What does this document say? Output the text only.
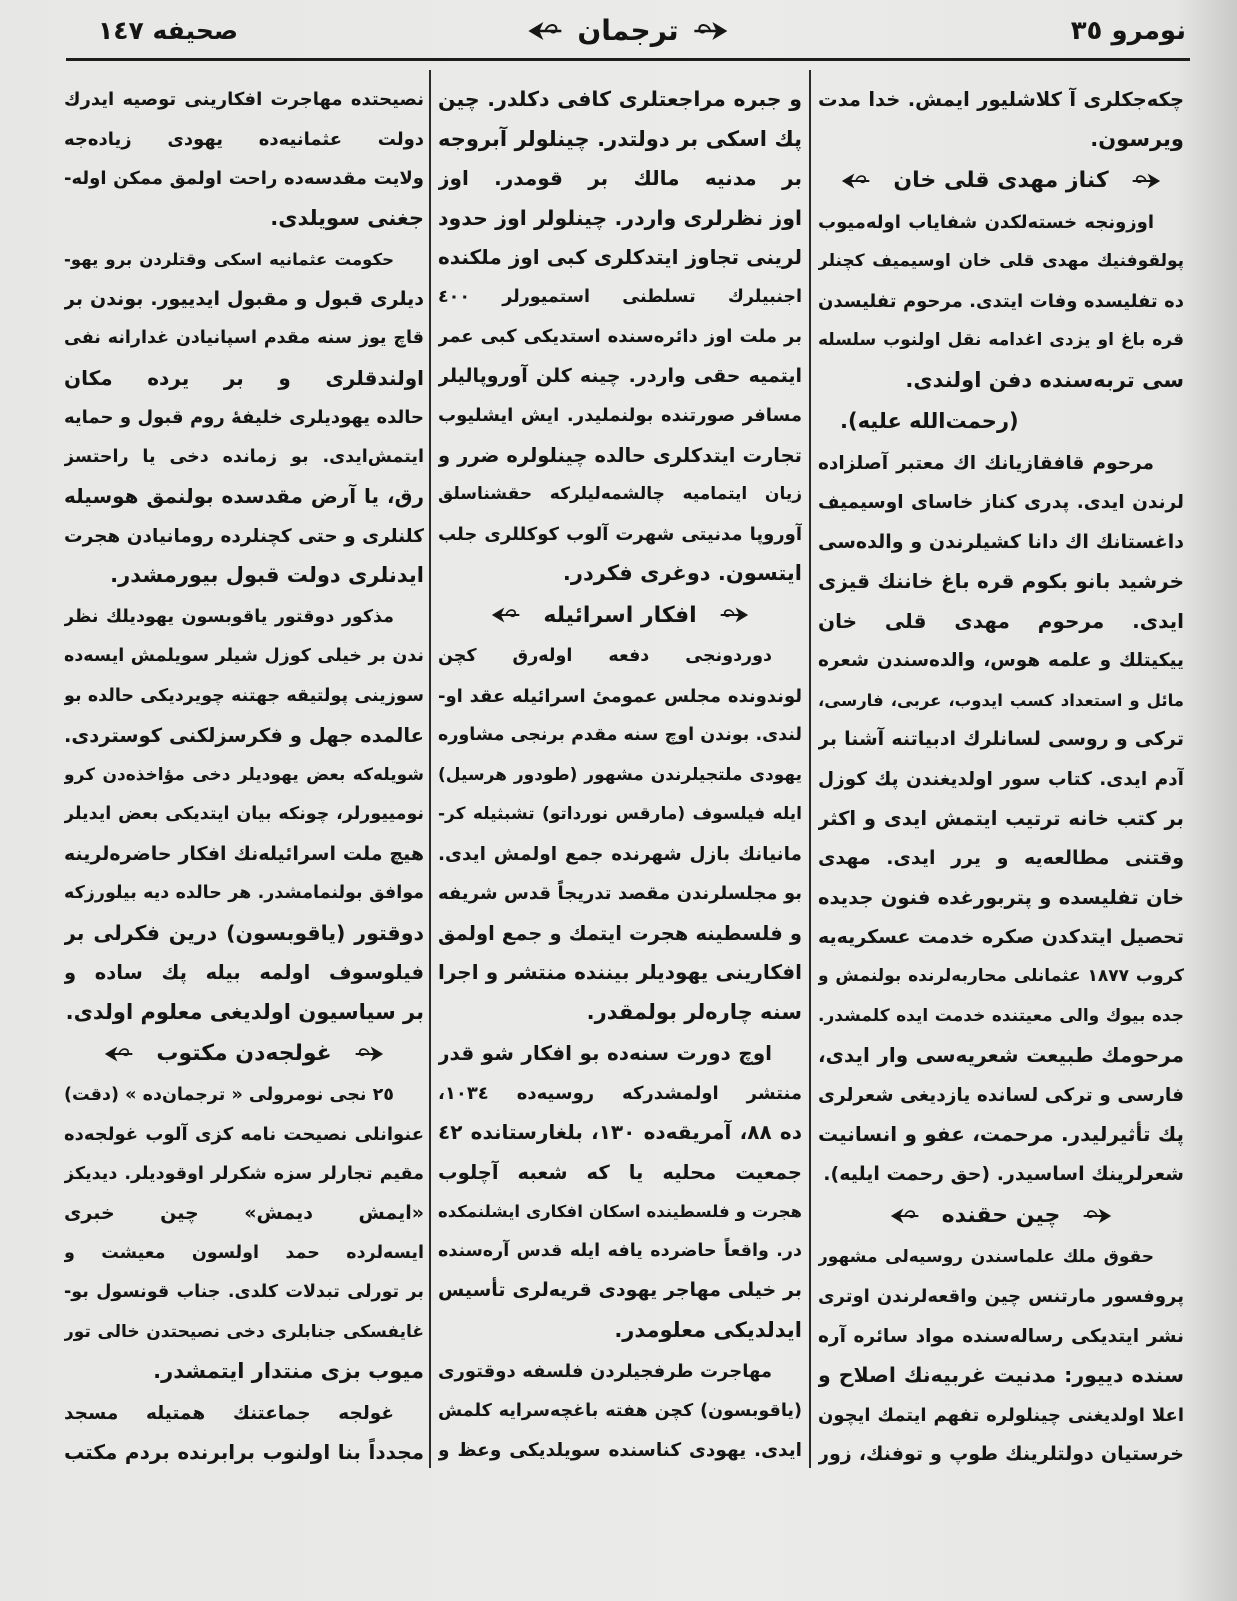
صحیفه ١٤٧	ترجمان	نومرو ٣٥
چکه‌جکلری آ کلاشلیور ایمش. خدا مدت
ویرسون.
کناز مهدی قلی خان
اوزونجه خسته‌لکدن شفایاب اوله‌میوب
پولقوفنیك مهدی قلی خان اوسیمیف کچنلر
ده تفلیسده وفات ایتدی. مرحوم تفلیسدن
قره باغ او یزدی اغدامه نقل اولنوب سلسله
سی تربه‌سنده دفن اولندی.
(رحمت‌الله علیه).
مرحوم قافقازیانك اك معتبر آصلزاده
لرندن ایدی. پدری کناز خاسای اوسیمیف
داغستانك اك دانا کشیلرندن و والده‌سی
خرشید بانو بکوم قره باغ خاننك قیزی
ایدی. مرحوم مهدی قلی خان
ییکیتلك و علمه هوس، والده‌سندن شعره
مائل و استعداد کسب ایدوب، عربی، فارسی،
ترکی و روسی لسانلرك ادبیاتنه آشنا بر
آدم ایدی. کتاب سور اولدیغندن پك کوزل
بر کتب خانه ترتیب ایتمش ایدی و اکثر
وقتنی مطالعه‌یه و یرر ایدی. مهدی
خان تفلیسده و پتربورغده فنون جدیده
تحصیل ایتدکدن صکره خدمت عسکریه‌یه
کروب ١٨٧٧ عثمانلی محاربه‌لرنده بولنمش و
جده بیوك والی معیتنده خدمت ایده کلمشدر.
مرحومك طبیعت شعریه‌سی وار ایدی،
فارسی و ترکی لسانده یازدیغی شعرلری
پك تأثیرلیدر. مرحمت، عفو و انسانیت
شعرلرینك اساسیدر. (حق رحمت ایلیه).
چین حقنده
حقوق ملك علماسندن روسیه‌لی مشهور
پروفسور مارتنس چین واقعه‌لرندن اوتری
نشر ایتدیکی رساله‌سنده مواد سائره آره
سنده دییور: مدنیت غربیه‌نك اصلاح و
اعلا اولدیغنی چینلولره تفهم ایتمك ایچون
خرستیان دولتلرینك طوپ و توفنك، زور
و جبره مراجعتلری کافی دکلدر. چین
پك اسکی بر دولتدر. چینلولر آبروجه
بر مدنیه مالك بر قومدر. اوز
اوز نظرلری واردر. چینلولر اوز حدود
لرینی تجاوز ایتدکلری کبی اوز ملکنده
اجنبیلرك تسلطنی استمیورلر ٤٠٠
بر ملت اوز دائره‌سنده استدیکی کبی عمر
ایتمیه حقی واردر. چینه کلن آوروپالیلر
مسافر صورتنده بولنملیدر. ایش ایشلیوب
تجارت ایتدکلری حالده چینلولره ضرر و
زیان ایتمامیه چالشمه‌لیلرکه حقشناسلق
آوروپا مدنیتی شهرت آلوب کوکللری جلب
ایتسون. دوغری فکردر.
افکار اسرائیله
دوردونجی دفعه اوله‌رق کچن
لوندونده مجلس عمومیٔ اسرائیله عقد او-
لندی. بوندن اوچ سنه مقدم برنجی مشاوره
یهودی ملتجیلرندن مشهور (طودور هرسیل)
ایله فیلسوف (مارقس نورداتو) تشبثیله کر-
مانیانك بازل شهرنده جمع اولمش ایدی.
بو مجلسلرندن مقصد تدریجاً قدس شریفه
و فلسطینه هجرت ایتمك و جمع اولمق
افکارینی یهودیلر بیننده منتشر و اجرا
سنه چاره‌لر بولمقدر.
اوچ دورت سنه‌ده بو افکار شو قدر
منتشر اولمشدرکه روسیه‌ده ١٠٣٤،
ده ٨٨، آمریقه‌ده ١٣٠، بلغارستانده ٤٢
جمعیت محلیه یا که شعبه آچلوب
هجرت و فلسطینده اسکان افکاری ایشلنمکده
در. واقعاً حاضرده یافه ایله قدس آره‌سنده
بر خیلی مهاجر یهودی قریه‌لری تأسیس
ایدلدیکی معلومدر.
مهاجرت طرفجیلردن فلسفه دوقتوری
(یاقوبسون) کچن هفته باغچه‌سرایه کلمش
ایدی. یهودی کناسنده سویلدیکی وعظ و
نصیحتده مهاجرت افکارینی توصیه ایدرك
دولت عثمانیه‌ده یهودی زیاده‌جه
ولایت مقدسه‌ده راحت اولمق ممکن اوله-
جغنی سویلدی.
حکومت عثمانیه اسکی وقتلردن برو یهو-
دیلری قبول و مقبول ایدییور. بوندن بر
قاچ یوز سنه مقدم اسپانیادن غدارانه نفی
اولندقلری و بر یرده مکان
حالده یهودیلری خلیفهٔ روم قبول و حمایه
ایتمش‌ایدی. بو زمانده دخی یا راحتسز
رق، یا آرض مقدسده بولنمق هوسیله
کلنلری و حتی کچنلرده رومانیادن هجرت
ایدنلری دولت قبول بیورمشدر.
مذکور دوقتور یاقوبسون یهودیلك نظر
ندن بر خیلی کوزل شیلر سویلمش ایسه‌ده
سوزینی پولتیقه جهتنه چویردیکی حالده بو
عالمده جهل و فکرسزلکنی کوستردی.
شویله‌که بعض یهودیلر دخی مؤاخذه‌دن کرو
نومییورلر، چونکه بیان ایتدیکی بعض ایدیلر
هیچ ملت اسرائیله‌نك افکار حاضره‌لرینه
موافق بولنمامشدر. هر حالده دیه بیلورزکه
دوقتور (یاقوبسون) درین فکرلی بر
فیلوسوف اولمه بیله پك ساده و
بر سیاسیون اولدیغی معلوم اولدی.
غولجه‌دن مکتوب
٢٥ نجی نومرولی « ترجمان‌ده » (دقت)
عنوانلی نصیحت نامه کزی آلوب غولجه‌ده
مقیم تجارلر سزه شکرلر اوقودیلر. دیدیکز
«ایمش دیمش» چین خبری
ایسه‌لرده حمد اولسون معیشت و
بر تورلی تبدلات کلدی. جناب قونسول بو-
غایفسکی جنابلری دخی نصیحتدن خالی تور
میوب بزی منتدار ایتمشدر.
غولجه جماعتنك همتیله مسجد
مجدداً بنا اولنوب برابرنده بردم مکتب
